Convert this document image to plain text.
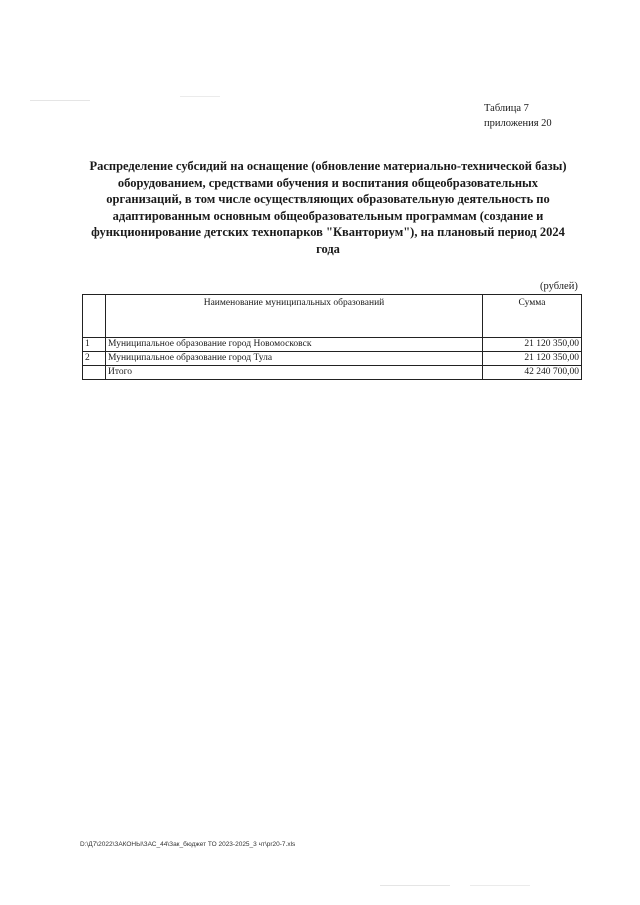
Таблица 7
приложения 20
Распределение субсидий на оснащение (обновление материально-технической базы) оборудованием, средствами обучения и воспитания общеобразовательных организаций, в том числе осуществляющих образовательную деятельность по адаптированным основным общеобразовательным программам (создание и функционирование детских технопарков "Кванториум"), на плановый период 2024 года
(рублей)
	Наименование муниципальных образований	Сумма
1	Муниципальное образование город Новомосковск	21 120 350,00
2	Муниципальное образование город Тула	21 120 350,00
	Итого	42 240 700,00
D:\Д7\2022\ЗАКОНЫ\ЗАС_44\Зак_бюджет ТО 2023-2025_3 чт\pr20-7.xls
